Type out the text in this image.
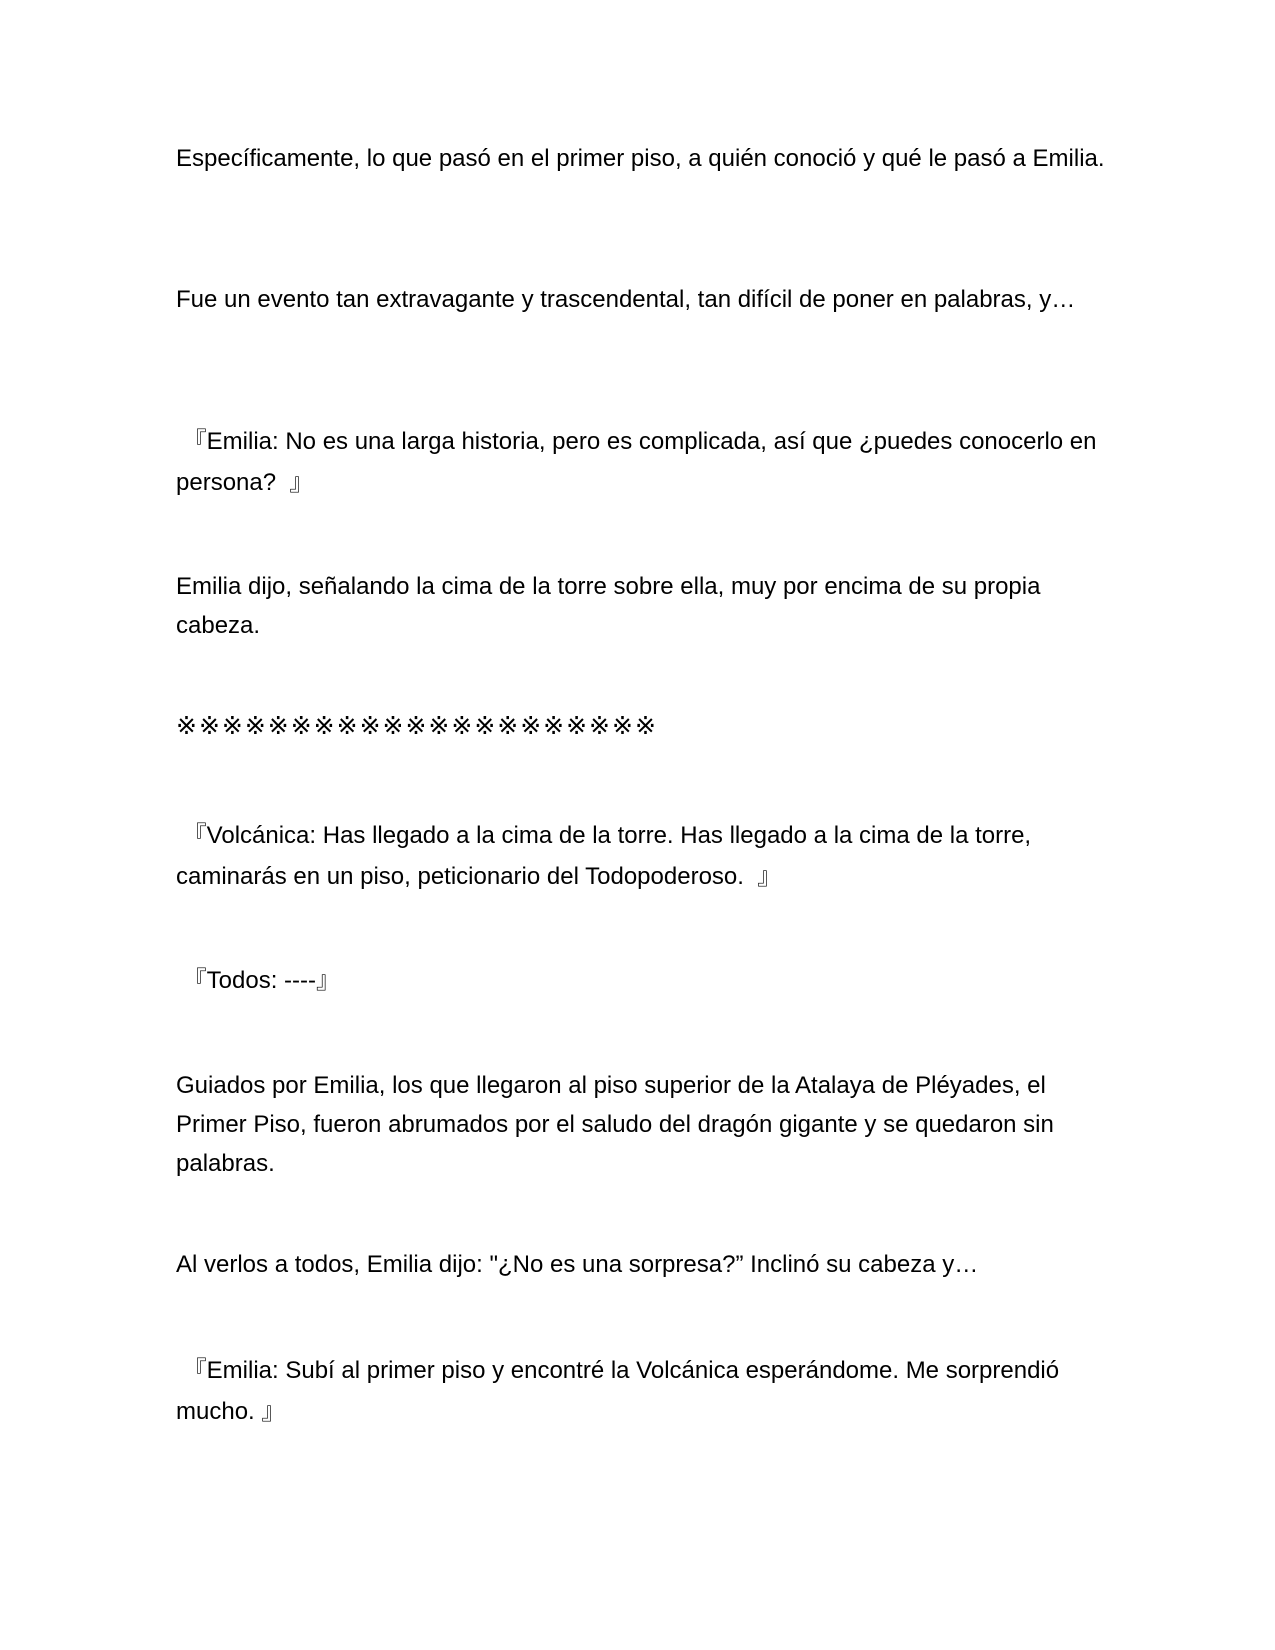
Específicamente, lo que pasó en el primer piso, a quién conoció y qué le pasó a Emilia.

Fue un evento tan extravagante y trascendental, tan difícil de poner en palabras, y…

『Emilia: No es una larga historia, pero es complicada, así que ¿puedes conocerlo en persona?  』

Emilia dijo, señalando la cima de la torre sobre ella, muy por encima de su propia cabeza.

※※※※※※※※※※※※※※※※※※※※※

『Volcánica: Has llegado a la cima de la torre. Has llegado a la cima de la torre, caminarás en un piso, peticionario del Todopoderoso.  』

『Todos: ----』

Guiados por Emilia, los que llegaron al piso superior de la Atalaya de Pléyades, el Primer Piso, fueron abrumados por el saludo del dragón gigante y se quedaron sin palabras.

Al verlos a todos, Emilia dijo: "¿No es una sorpresa?” Inclinó su cabeza y…

『Emilia: Subí al primer piso y encontré la Volcánica esperándome. Me sorprendió mucho. 』
